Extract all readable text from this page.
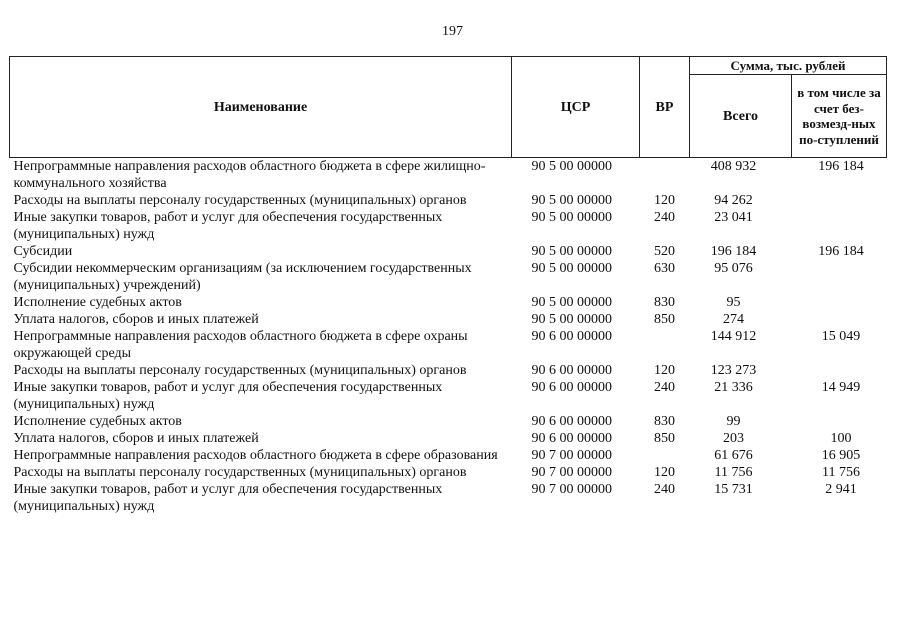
197
Наименование	ЦСР	ВР	Сумма, тыс. рублей	
			Всего	в том числе за счет без-возмезд-ных по-ступлений
Непрограммные направления расходов областного бюджета в сфере жилищно-коммунального хозяйства	90 5 00 00000		408 932	196 184
Расходы на выплаты персоналу государственных (муниципальных) органов	90 5 00 00000	120	94 262	
Иные закупки товаров, работ и услуг для обеспечения государственных (муниципальных) нужд	90 5 00 00000	240	23 041	
Субсидии	90 5 00 00000	520	196 184	196 184
Субсидии некоммерческим организациям (за исключением государственных (муниципальных) учреждений)	90 5 00 00000	630	95 076	
Исполнение судебных актов	90 5 00 00000	830	95	
Уплата налогов, сборов и иных платежей	90 5 00 00000	850	274	
Непрограммные направления расходов областного бюджета в сфере охраны окружающей среды	90 6 00 00000		144 912	15 049
Расходы на выплаты персоналу государственных (муниципальных) органов	90 6 00 00000	120	123 273	
Иные закупки товаров, работ и услуг для обеспечения государственных (муниципальных) нужд	90 6 00 00000	240	21 336	14 949
Исполнение судебных актов	90 6 00 00000	830	99	
Уплата налогов, сборов и иных платежей	90 6 00 00000	850	203	100
Непрограммные направления расходов областного бюджета в сфере образования	90 7 00 00000		61 676	16 905
Расходы на выплаты персоналу государственных (муниципальных) органов	90 7 00 00000	120	11 756	11 756
Иные закупки товаров, работ и услуг для обеспечения государственных (муниципальных) нужд	90 7 00 00000	240	15 731	2 941
